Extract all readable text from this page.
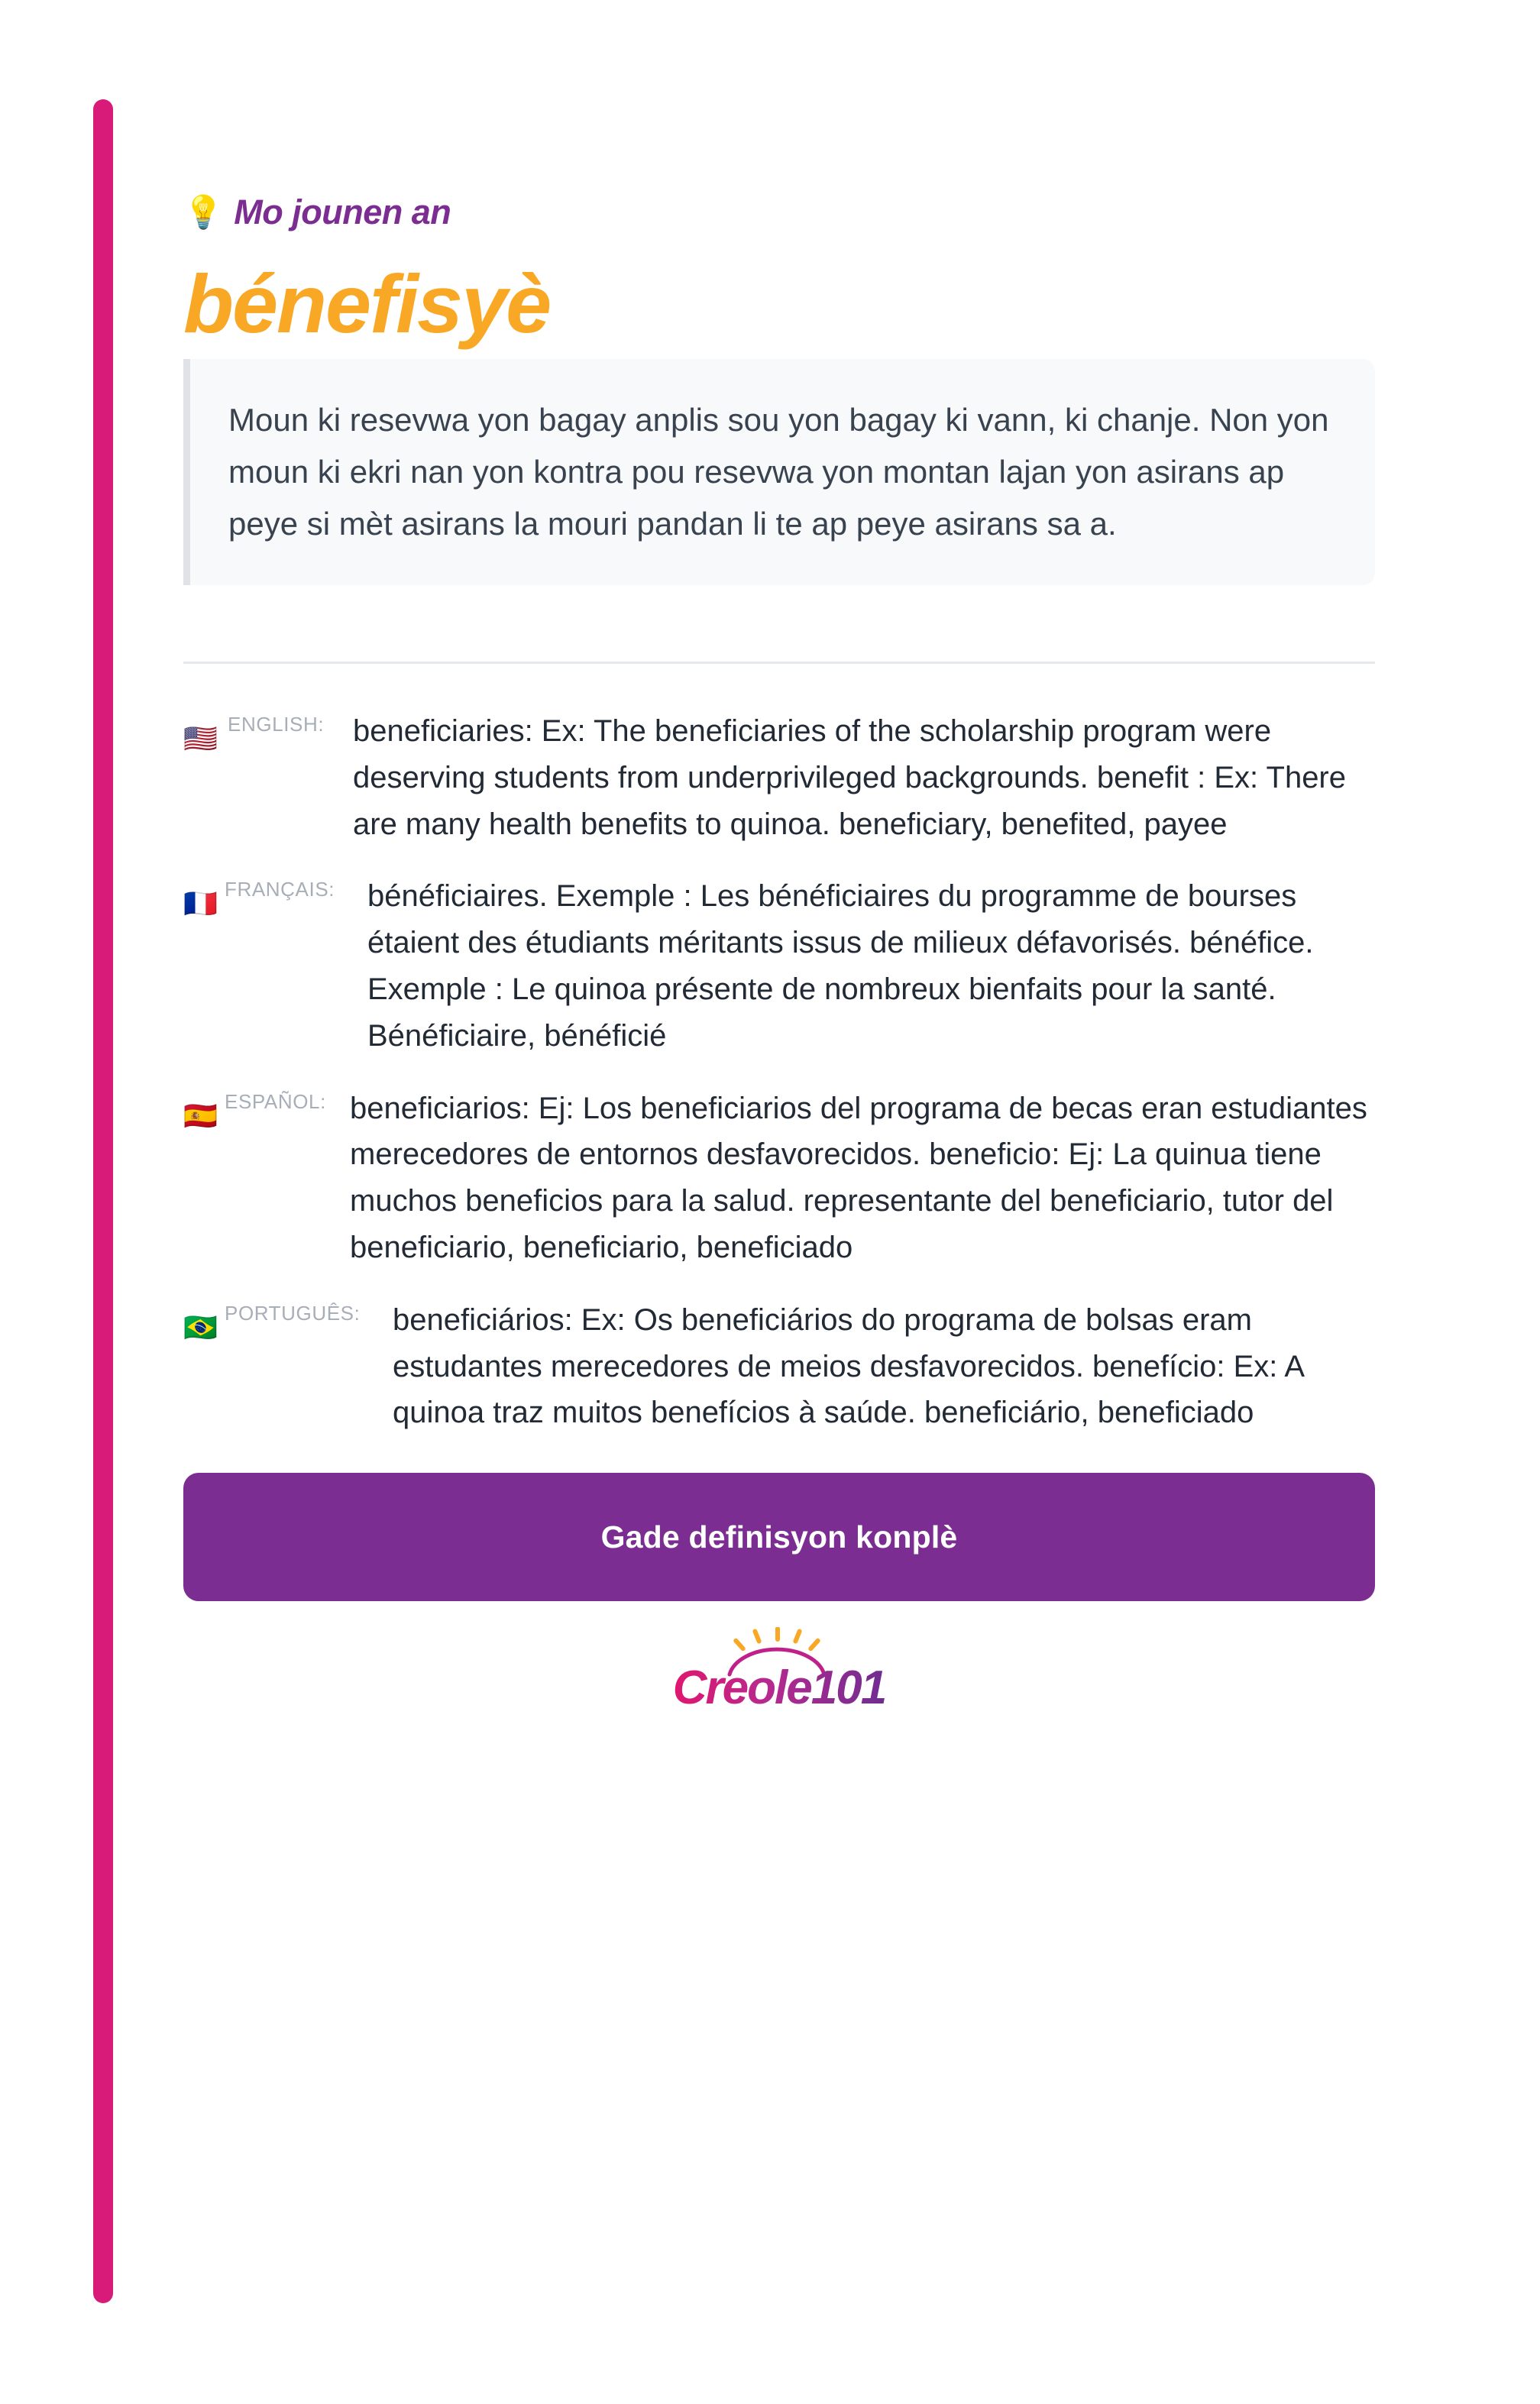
💡 Mo jounen an
bénefisyè
Moun ki resevwa yon bagay anplis sou yon bagay ki vann, ki chanje. Non yon moun ki ekri nan yon kontra pou resevwa yon montan lajan yon asirans ap peye si mèt asirans la mouri pandan li te ap peye asirans sa a.
🇺🇸 ENGLISH: beneficiaries: Ex: The beneficiaries of the scholarship program were deserving students from underprivileged backgrounds. benefit : Ex: There are many health benefits to quinoa. beneficiary, benefited, payee
🇫🇷 FRANÇAIS:	bénéficiaires. Exemple : Les bénéficiaires du programme de bourses étaient des étudiants méritants issus de milieux défavorisés. bénéfice. Exemple : Le quinoa présente de nombreux bienfaits pour la santé. Bénéficiaire, bénéficié
🇪🇸 ESPAÑOL: beneficiarios: Ej: Los beneficiarios del programa de becas eran estudiantes merecedores de entornos desfavorecidos. beneficio: Ej: La quinua tiene muchos beneficios para la salud. representante del beneficiario, tutor del beneficiario, beneficiario, beneficiado
🇧🇷 PORTUGUÊS:	beneficiários: Ex: Os beneficiários do programa de bolsas eram estudantes merecedores de meios desfavorecidos. benefício: Ex: A quinoa traz muitos benefícios à saúde. beneficiário, beneficiado
Gade definisyon konplè
Creole101
